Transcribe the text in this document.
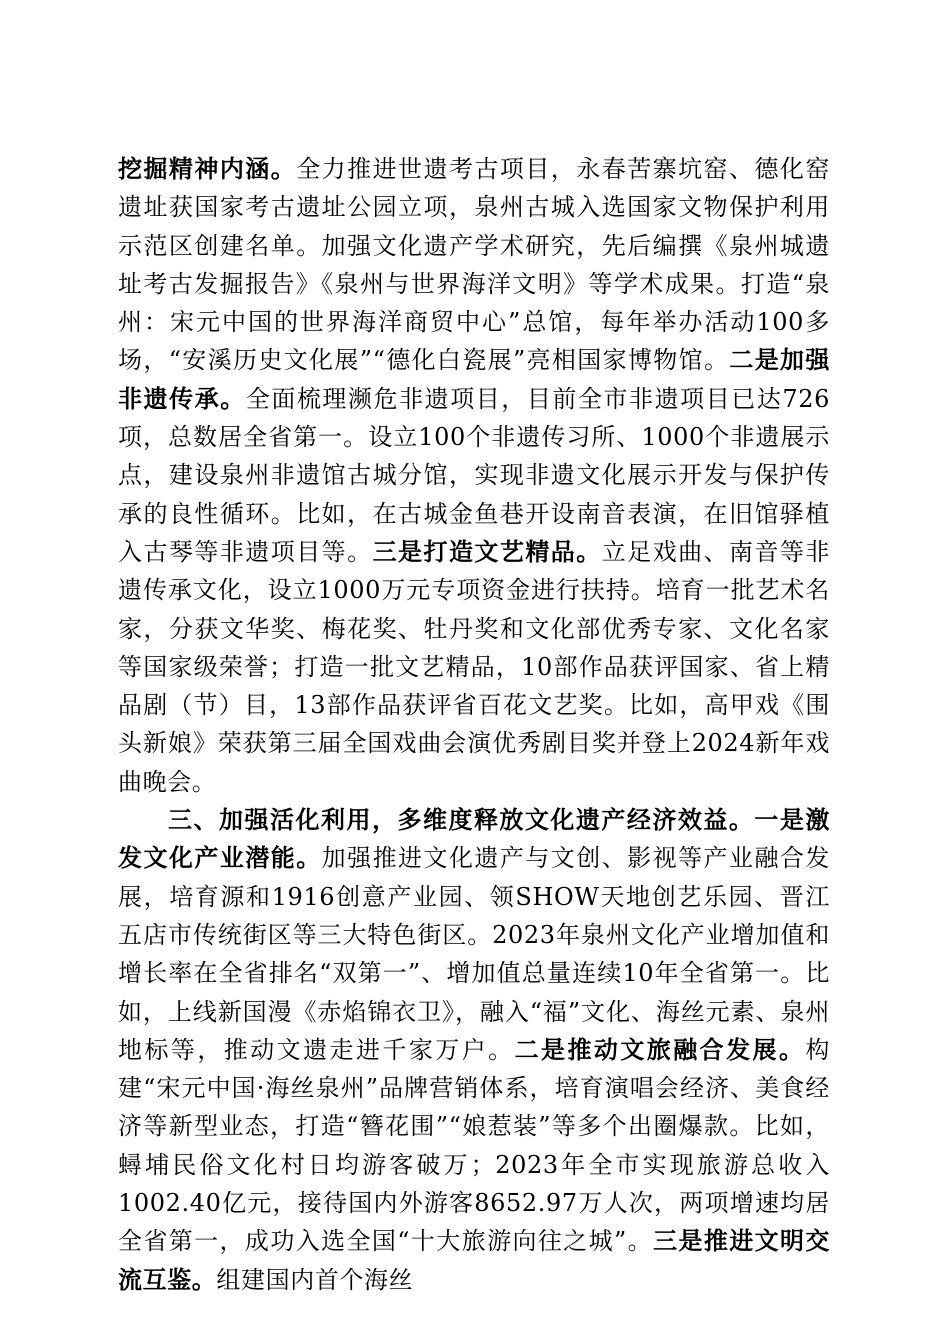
挖掘精神内涵。全力推进世遗考古项目，永春苦寨坑窑、德化窑遗址获国家考古遗址公园立项，泉州古城入选国家文物保护利用示范区创建名单。加强文化遗产学术研究，先后编撰《泉州城遗址考古发掘报告》《泉州与世界海洋文明》等学术成果。打造“泉州：宋元中国的世界海洋商贸中心”总馆，每年举办活动100多场，“安溪历史文化展”“德化白瓷展”亮相国家博物馆。二是加强非遗传承。全面梳理濒危非遗项目，目前全市非遗项目已达726项，总数居全省第一。设立100个非遗传习所、1000个非遗展示点，建设泉州非遗馆古城分馆，实现非遗文化展示开发与保护传承的良性循环。比如，在古城金鱼巷开设南音表演，在旧馆驿植入古琴等非遗项目等。三是打造文艺精品。立足戏曲、南音等非遗传承文化，设立1000万元专项资金进行扶持。培育一批艺术名家，分获文华奖、梅花奖、牡丹奖和文化部优秀专家、文化名家等国家级荣誉；打造一批文艺精品，10部作品获评国家、省上精品剧（节）目，13部作品获评省百花文艺奖。比如，高甲戏《围头新娘》荣获第三届全国戏曲会演优秀剧目奖并登上2024新年戏曲晚会。

三、加强活化利用，多维度释放文化遗产经济效益。一是激发文化产业潜能。加强推进文化遗产与文创、影视等产业融合发展，培育源和1916创意产业园、领SHOW天地创艺乐园、晋江五店市传统街区等三大特色街区。2023年泉州文化产业增加值和增长率在全省排名“双第一”、增加值总量连续10年全省第一。比如，上线新国漫《赤焰锦衣卫》，融入“福”文化、海丝元素、泉州地标等，推动文遗走进千家万户。二是推动文旅融合发展。构建“宋元中国·海丝泉州”品牌营销体系，培育演唱会经济、美食经济等新型业态，打造“簪花围”“娘惹装”等多个出圈爆款。比如，蟳埔民俗文化村日均游客破万；2023年全市实现旅游总收入1002.40亿元，接待国内外游客8652.97万人次，两项增速均居全省第一，成功入选全国“十大旅游向往之城”。三是推进文明交流互鉴。组建国内首个海丝
